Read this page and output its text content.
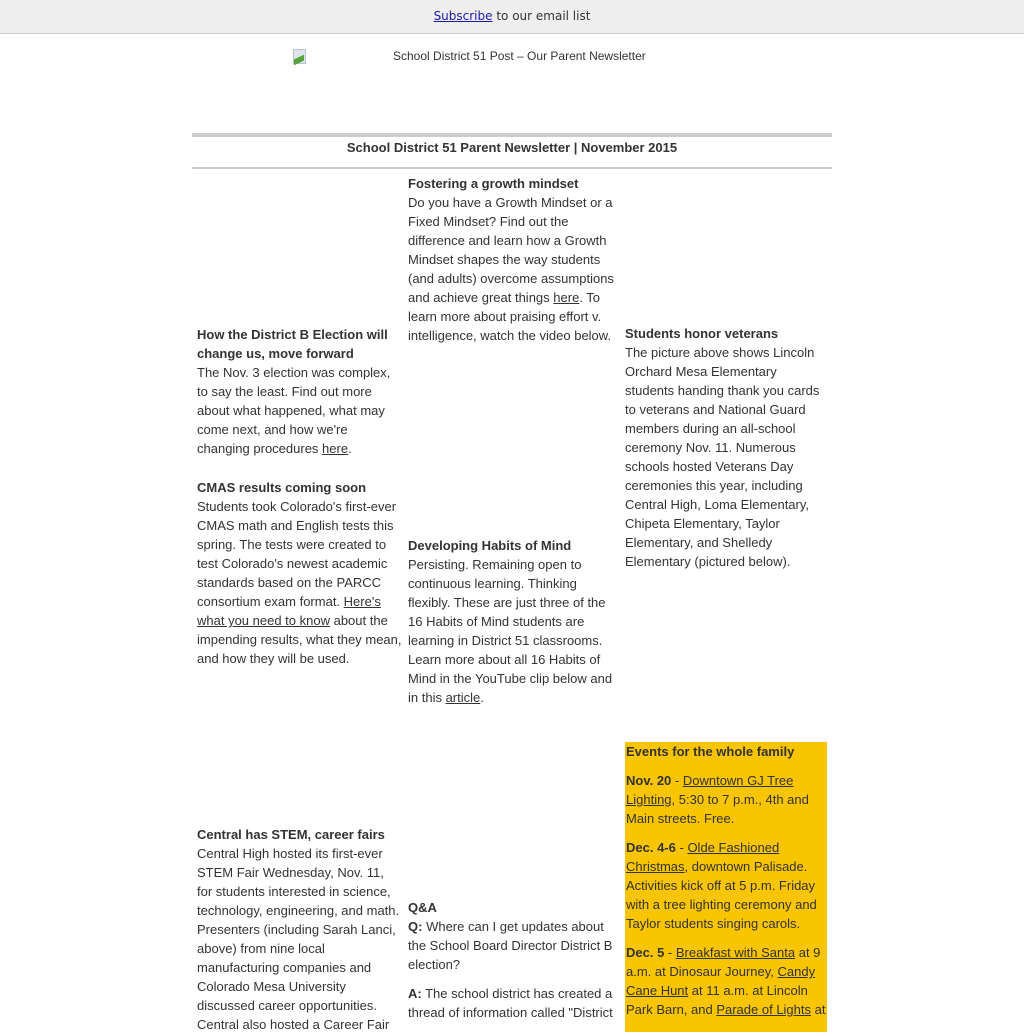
Subscribe to our email list
School District 51 Post – Our Parent Newsletter
School District 51 Parent Newsletter | November 2015
How the District B Election will change us, move forward

The Nov. 3 election was complex, to say the least. Find out more about what happened, what may come next, and how we're changing procedures here.

CMAS results coming soon

Students took Colorado's first-ever CMAS math and English tests this spring. The tests were created to test Colorado's newest academic standards based on the PARCC consortium exam format. Here's what you need to know about the impending results, what they mean, and how they will be used.

Central has STEM, career fairs

Central High hosted its first-ever STEM Fair Wednesday, Nov. 11, for students interested in science, technology, engineering, and math. Presenters (including Sarah Lanci, above) from nine local manufacturing companies and Colorado Mesa University discussed career opportunities. Central also hosted a Career Fair

Fostering a growth mindset

Do you have a Growth Mindset or a Fixed Mindset? Find out the difference and learn how a Growth Mindset shapes the way students (and adults) overcome assumptions and achieve great things here. To learn more about praising effort v. intelligence, watch the video below.

Developing Habits of Mind

Persisting. Remaining open to continuous learning. Thinking flexibly. These are just three of the 16 Habits of Mind students are learning in District 51 classrooms. Learn more about all 16 Habits of Mind in the YouTube clip below and in this article.

Q&A

Q: Where can I get updates about the School Board Director District B election?

A: The school district has created a thread of information called "District

Students honor veterans

The picture above shows Lincoln Orchard Mesa Elementary students handing thank you cards to veterans and National Guard members during an all-school ceremony Nov. 11. Numerous schools hosted Veterans Day ceremonies this year, including Central High, Loma Elementary, Chipeta Elementary, Taylor Elementary, and Shelledy Elementary (pictured below).

Events for the whole family

Nov. 20 - Downtown GJ Tree Lighting, 5:30 to 7 p.m., 4th and Main streets. Free.

Dec. 4-6 - Olde Fashioned Christmas, downtown Palisade. Activities kick off at 5 p.m. Friday with a tree lighting ceremony and Taylor students singing carols.

Dec. 5 - Breakfast with Santa at 9 a.m. at Dinosaur Journey, Candy Cane Hunt at 11 a.m. at Lincoln Park Barn, and Parade of Lights at
